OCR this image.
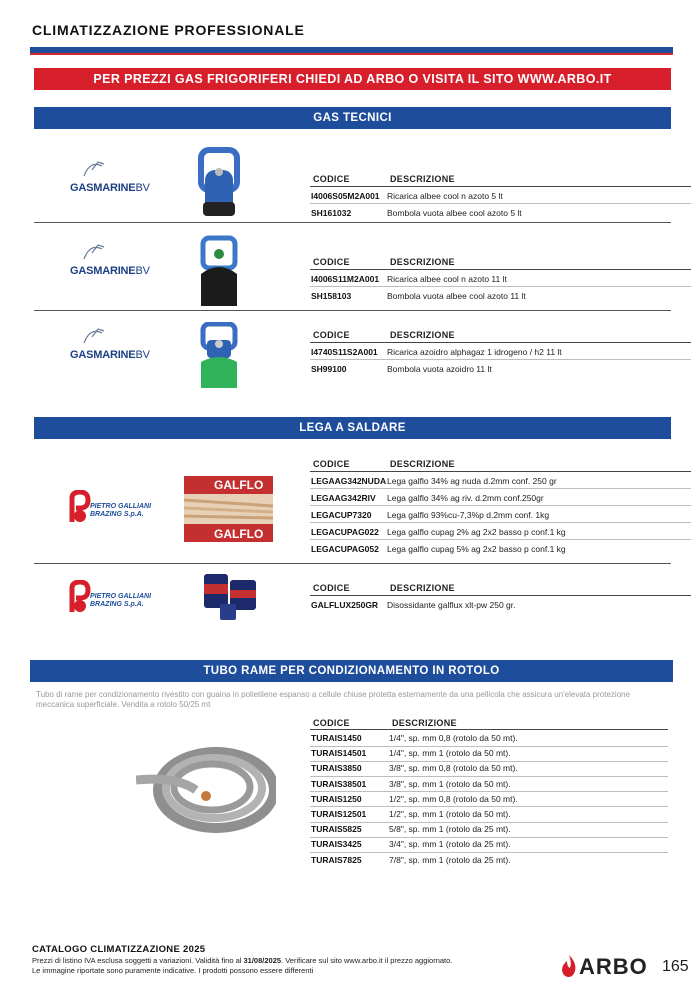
CLIMATIZZAZIONE PROFESSIONALE
PER PREZZI GAS FRIGORIFERI CHIEDI AD ARBO O VISITA IL SITO WWW.ARBO.IT
GAS TECNICI
GASMARINEBV
CODICE	DESCRIZIONE
I4006S05M2A001 Ricarica albee cool n azoto 5 lt
SH161032	Bombola vuota albee cool azoto 5 lt
GASMARINEBV
CODICE	DESCRIZIONE
I4006S11M2A001 Ricarica albee cool n azoto 11 lt
SH158103	Bombola vuota albee cool azoto 11 lt
GASMARINEBV
CODICE	DESCRIZIONE
I4740S11S2A001 Ricarica azoidro alphagaz 1 idrogeno / h2 11 lt
SH99100	Bombola vuota azoidro 11 lt
LEGA A SALDARE
PIETRO GALLIANI
BRAZING S.p.A.
GALFLO
GALFLO
CODICE	DESCRIZIONE
LEGAAG342NUDA Lega galflo 34% ag nuda d.2mm conf. 250 gr
LEGAAG342RIV Lega galflo 34% ag riv. d.2mm conf.250gr
LEGACUP7320 Lega galflo 93%cu-7,3%p d.2mm conf. 1kg
LEGACUPAG022 Lega galflo cupag 2% ag 2x2 basso p conf.1 kg
LEGACUPAG052 Lega galflo cupag 5% ag 2x2 basso p conf.1 kg
PIETRO GALLIANI
BRAZING S.p.A.
CODICE	DESCRIZIONE
GALFLUX250GR Disossidante galflux xlt-pw 250 gr.
TUBO RAME PER CONDIZIONAMENTO IN ROTOLO
Tubo di rame per condizionamento rivestito con guaina in polietilene espanso a cellule chiuse protetta esternamente da una pellicola che assicura un'elevata protezione meccanica superficiale. Vendita a rotolo 50/25 mt
CODICE	DESCRIZIONE
TURAIS1450	1/4", sp. mm 0,8 (rotolo da 50 mt).
TURAIS14501	1/4", sp. mm 1 (rotolo da 50 mt).
TURAIS3850	3/8", sp. mm 0,8 (rotolo da 50 mt).
TURAIS38501	3/8", sp. mm 1 (rotolo da 50 mt).
TURAIS1250	1/2", sp. mm 0,8 (rotolo da 50 mt).
TURAIS12501	1/2", sp. mm 1 (rotolo da 50 mt).
TURAIS5825	5/8", sp. mm 1 (rotolo da 25 mt).
TURAIS3425	3/4", sp. mm 1 (rotolo da 25 mt).
TURAIS7825	7/8", sp. mm 1 (rotolo da 25 mt).
CATALOGO CLIMATIZZAZIONE 2025
Prezzi di listino IVA esclusa soggetti a variazioni. Validità fino al 31/08/2025. Verificare sul sito www.arbo.it il prezzo aggiornato.
Le immagine riportate sono puramente indicative. I prodotti possono essere differenti	ARBO 165
